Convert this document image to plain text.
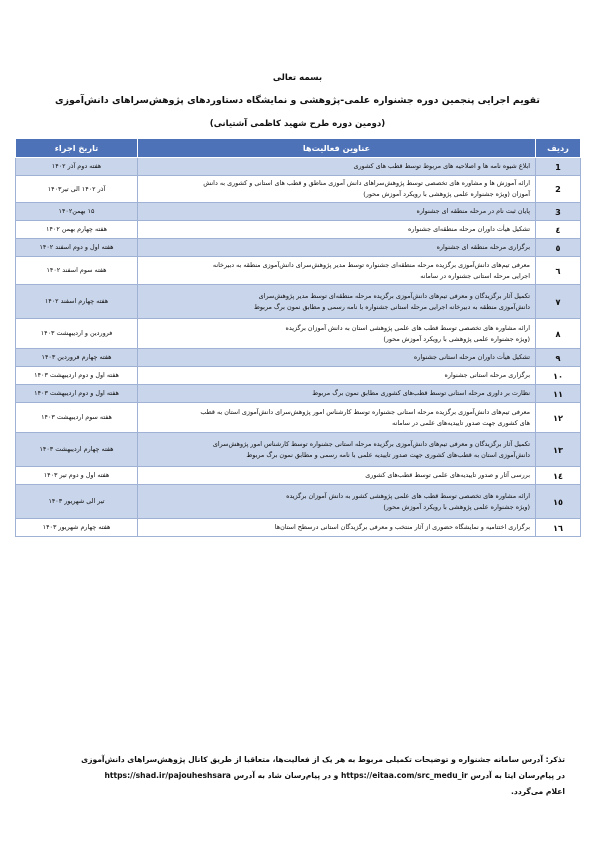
بسمه تعالی
تقویم اجرایی پنجمین دوره جشنواره علمی-پژوهشی و نمایشگاه دستاوردهای پژوهش‌سراهای دانش‌آموزی
(دومین دوره طرح شهید کاظمی آشتیانی)
ردیف	عناوین فعالیت‌ها	تاریخ اجراء
1	ابلاغ شیوه نامه ها و اصلاحیه های مربوط توسط قطب های کشوری	هفته دوم آذر ۱۴۰۲
2	ارائه آموزش ها و مشاوره های تخصصی توسط پژوهش‌سراهای دانش آموزی مناطق و قطب های استانی و کشوری به دانش
آموزان (ویژه جشنواره علمی پژوهشی با رویکرد آموزش محور)	آذر ۱۴۰۲ الی تیر۱۴۰۳
3	پایان ثبت نام در مرحله منطقه ای جشنواره	۱۵ بهمن۱۴۰۲
٤	تشکیل هیأت داوران مرحله منطقه‌ای جشنواره	هفته چهارم بهمن ۱۴۰۲
٥	برگزاری مرحله منطقه ای جشنواره	هفته اول و دوم اسفند ۱۴۰۲
٦	معرفی تیم‌های دانش‌آموزی برگزیده مرحله منطقه‌ای جشنواره توسط مدیر پژوهش‌سرای دانش‌آموزی منطقه به دبیرخانه
اجرایی مرحله استانی جشنواره در سامانه	هفته سوم اسفند ۱۴۰۲
٧	تکمیل آثار برگزیدگان و معرفی تیم‌های دانش‌آموزی برگزیده مرحله منطقه‌ای توسط مدیر پژوهش‌سرای
دانش‌آموزی منطقه به دبیرخانه اجرایی مرحله استانی جشنواره با نامه رسمی و مطابق نمون برگ مربوط	هفته چهارم اسفند ۱۴۰۲
٨	ارائه مشاوره های تخصصی توسط قطب های علمی پژوهشی استان به دانش آموزان برگزیده
(ویژه جشنواره علمی پژوهشی با رویکرد آموزش محور)	فروردین و اردیبهشت ۱۴۰۳
٩	تشکیل هیأت داوران مرحله استانی جشنواره	هفته چهارم فروردین ۱۴۰۳
١٠	برگزاری مرحله استانی جشنواره	هفته اول و دوم اردیبهشت ۱۴۰۳
١١	نظارت بر داوری مرحله استانی توسط قطب‌های کشوری مطابق نمون برگ مربوط	هفته اول و دوم اردیبهشت ۱۴۰۳
١٢	معرفی تیم‌های دانش‌آموزی برگزیده مرحله استانی جشنواره توسط کارشناس امور پژوهش‌سرای دانش‌آموزی استان به قطب
های کشوری جهت صدور تاییدیه‌های علمی در سامانه	هفته سوم اردیبهشت ۱۴۰۳
١٣	تکمیل آثار برگزیدگان و معرفی تیم‌های دانش‌آموزی برگزیده مرحله استانی جشنواره توسط کارشناس امور پژوهش‌سرای
دانش‌آموزی استان به قطب‌های کشوری جهت صدور تاییدیه علمی با نامه رسمی و مطابق نمون برگ مربوط	هفته چهارم اردیبهشت ۱۴۰۳
١٤	بررسی آثار و صدور تاییدیه‌های علمی توسط قطب‌های کشوری	هفته اول و دوم تیر ۱۴۰۳
١٥	ارائه مشاوره های تخصصی توسط قطب های علمی پژوهشی کشور به دانش آموزان برگزیده
(ویژه جشنواره علمی پژوهشی با رویکرد آموزش محور)	تیر الی شهریور ۱۴۰۳
١٦	برگزاری اختتامیه و نمایشگاه حضوری از آثار منتخب و معرفی برگزیدگان استانی درسطح استان‌ها	هفته چهارم شهریور ۱۴۰۳
تذکر: آدرس سامانه جشنواره و توضیحات تکمیلی مربوط به هر یک از فعالیت‌ها، متعاقبا از طریق کانال پژوهش‌سراهای دانش‌آموزی
در پیام‌رسان ایتا به آدرس https://eitaa.com/src_medu_ir و در پیام‌رسان شاد به آدرس https://shad.ir/pajouheshsara
اعلام می‌گردد.
